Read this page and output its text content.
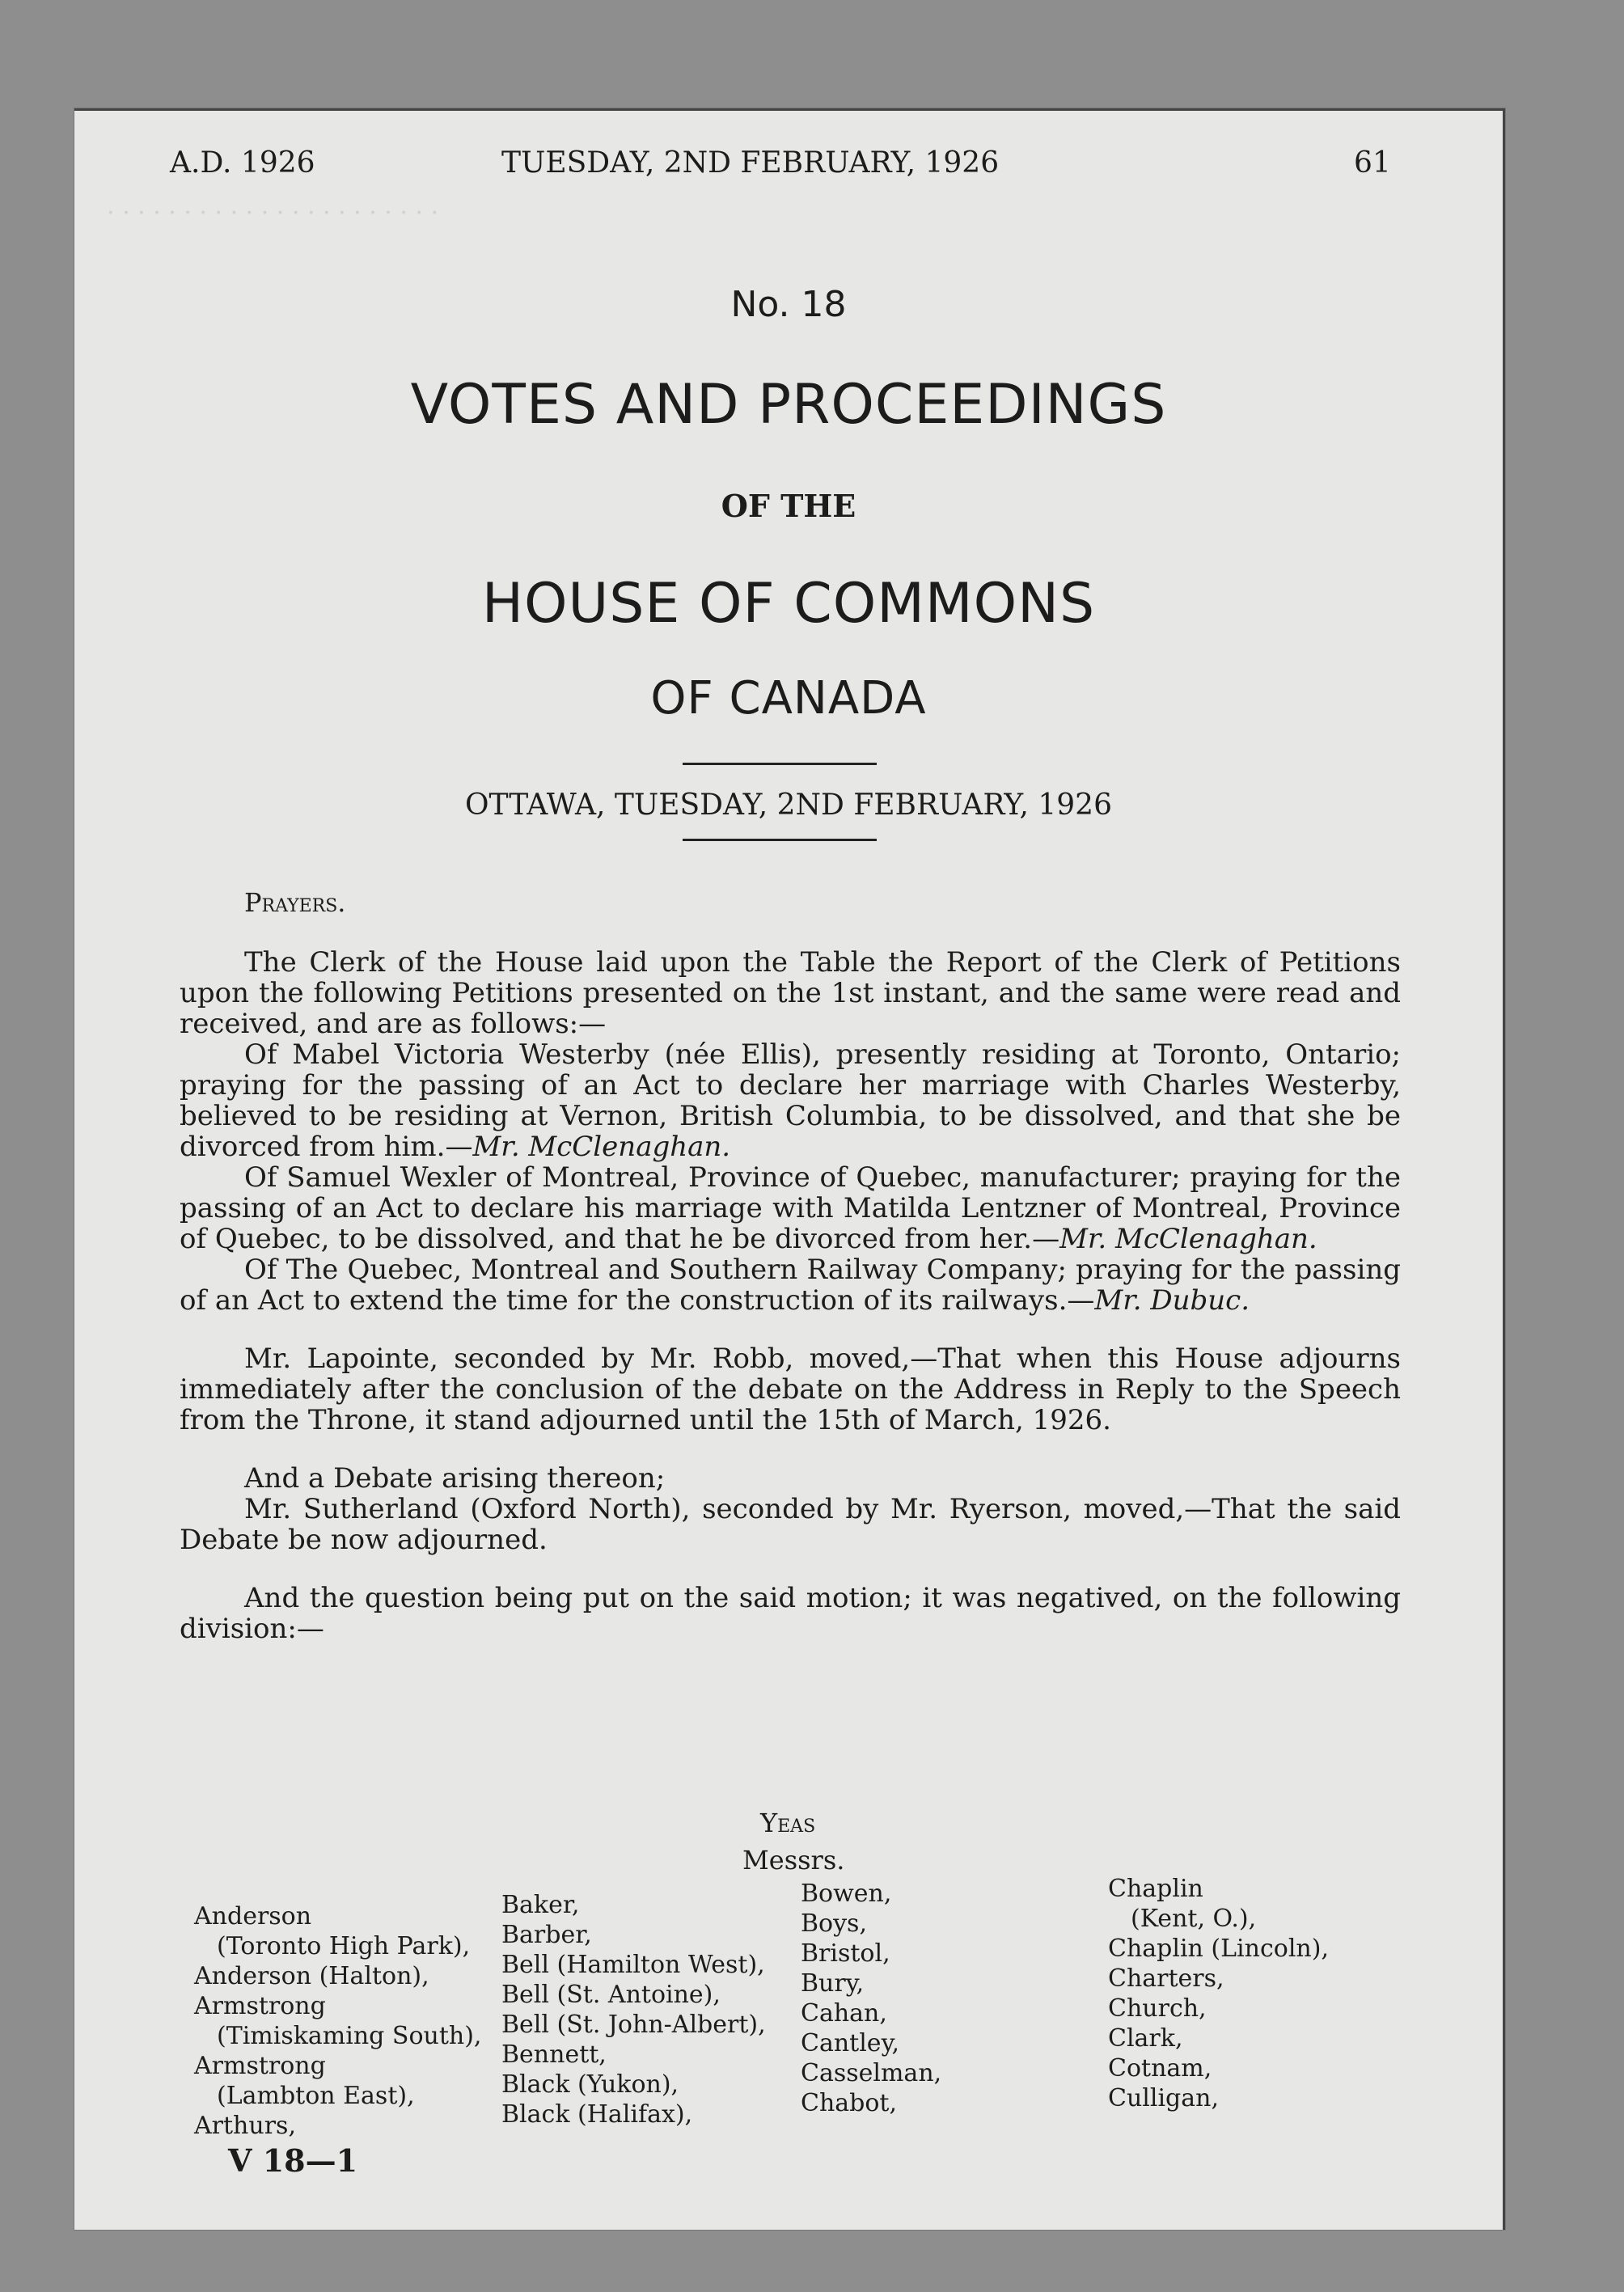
. . . . . . . . . . . . . . . . . . . . . .
A.D. 1926	TUESDAY, 2ND FEBRUARY, 1926	61
No. 18
VOTES AND PROCEEDINGS
OF THE
HOUSE OF COMMONS
OF CANADA
OTTAWA, TUESDAY, 2ND FEBRUARY, 1926
Prayers.

The Clerk of the House laid upon the Table the Report of the Clerk of Petitions upon the following Petitions presented on the 1st instant, and the same were read and received, and are as follows:—

Of Mabel Victoria Westerby (née Ellis), presently residing at Toronto, Ontario; praying for the passing of an Act to declare her marriage with Charles Westerby, believed to be residing at Vernon, British Columbia, to be dissolved, and that she be divorced from him.—Mr. McClenaghan.

Of Samuel Wexler of Montreal, Province of Quebec, manufacturer; praying for the passing of an Act to declare his marriage with Matilda Lentzner of Montreal, Province of Quebec, to be dissolved, and that he be divorced from her.—Mr. McClenaghan.

Of The Quebec, Montreal and Southern Railway Company; praying for the passing of an Act to extend the time for the construction of its railways.—Mr. Dubuc.

Mr. Lapointe, seconded by Mr. Robb, moved,—That when this House adjourns immediately after the conclusion of the debate on the Address in Reply to the Speech from the Throne, it stand adjourned until the 15th of March, 1926.

And a Debate arising thereon;

Mr. Sutherland (Oxford North), seconded by Mr. Ryerson, moved,—That the said Debate be now adjourned.

And the question being put on the said motion; it was negatived, on the following division:—

Yeas
Messrs.
Anderson
(Toronto High Park),
Anderson (Halton),
Armstrong
(Timiskaming South),
Armstrong
(Lambton East),
Arthurs,
Baker,
Barber,
Bell (Hamilton West),
Bell (St. Antoine),
Bell (St. John-Albert),
Bennett,
Black (Yukon),
Black (Halifax),
Bowen,
Boys,
Bristol,
Bury,
Cahan,
Cantley,
Casselman,
Chabot,
Chaplin
(Kent, O.),
Chaplin (Lincoln),
Charters,
Church,
Clark,
Cotnam,
Culligan,
V 18—1
